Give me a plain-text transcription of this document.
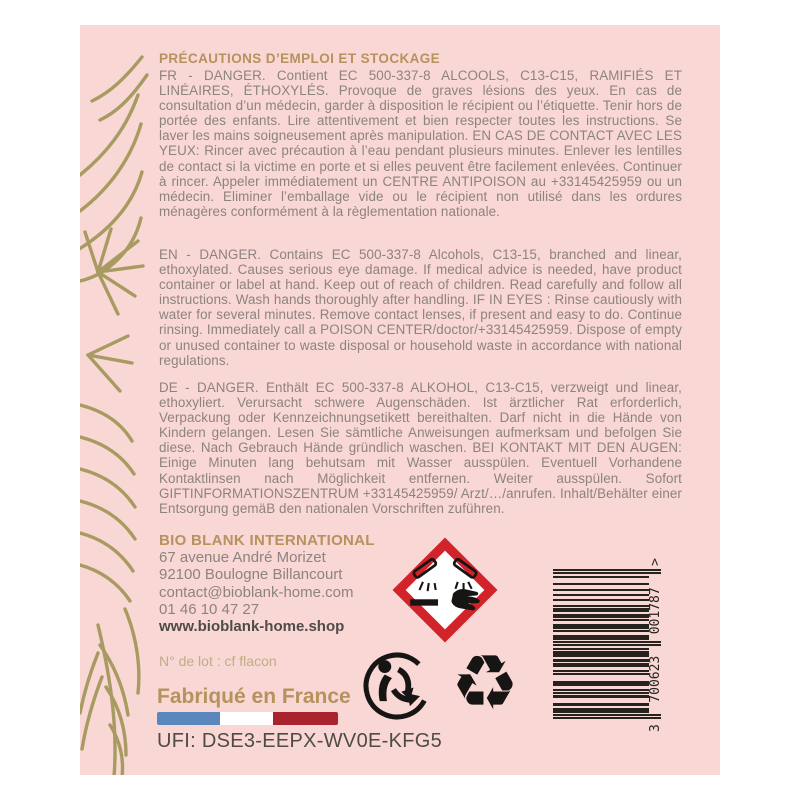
PRÉCAUTIONS D’EMPLOI ET STOCKAGE
FR - DANGER. Contient EC 500-337-8 ALCOOLS, C13-C15, RAMIFIÉS ET LINÉAIRES, ÉTHOXYLÉS. Provoque de graves lésions des yeux. En cas de consultation d’un médecin, garder à disposition le récipient ou l’étiquette. Tenir hors de portée des enfants. Lire attentivement et bien respecter toutes les instructions. Se laver les mains soigneusement après manipulation. EN CAS DE CONTACT AVEC LES YEUX: Rincer avec précaution à l’eau pendant plusieurs minutes. Enlever les lentilles de contact si la victime en porte et si elles peuvent être facilement enlevées. Continuer à rincer. Appeler immédiatement un CENTRE ANTIPOISON au +33145425959 ou un médecin. Eliminer l’emballage vide ou le récipient non utilisé dans les ordures ménagères conformément à la règlementation nationale.
EN - DANGER. Contains EC 500-337-8 Alcohols, C13-15, branched and linear, ethoxylated. Causes serious eye damage. If medical advice is needed, have product container or label at hand. Keep out of reach of children. Read carefully and follow all instructions. Wash hands thoroughly after handling. IF IN EYES : Rinse cautiously with water for several minutes. Remove contact lenses, if present and easy to do. Continue rinsing. Immediately call a POISON CENTER/doctor/+33145425959. Dispose of empty or unused container to waste disposal or household waste in accordance with national regulations.
DE - DANGER. Enthält EC 500-337-8 ALKOHOL, C13-C15, verzweigt und linear, ethoxyliert. Verursacht schwere Augenschäden. Ist ärztlicher Rat erforderlich, Verpackung oder Kennzeichnungsetikett bereithalten. Darf nicht in die Hände von Kindern gelangen. Lesen Sie sämtliche Anweisungen aufmerksam und befolgen Sie diese. Nach Gebrauch Hände gründlich waschen. BEI KONTAKT MIT DEN AUGEN: Einige Minuten lang behutsam mit Wasser ausspülen. Eventuell Vorhandene Kontaktlinsen nach Möglichkeit entfernen. Weiter ausspülen. Sofort GIFTINFORMATIONSZENTRUM +33145425959/ Arzt/…/anrufen. Inhalt/Behälter einer Entsorgung gemäB den nationalen Vorschriften zuführen.
BIO BLANK INTERNATIONAL
67 avenue André Morizet
92100 Boulogne Billancourt
contact@bioblank-home.com
01 46 10 47 27
www.bioblank-home.shop
N° de lot : cf flacon
Fabriqué en France
UFI: DSE3-EEPX-WV0E-KFG5
♻
3
700623
001787
>
